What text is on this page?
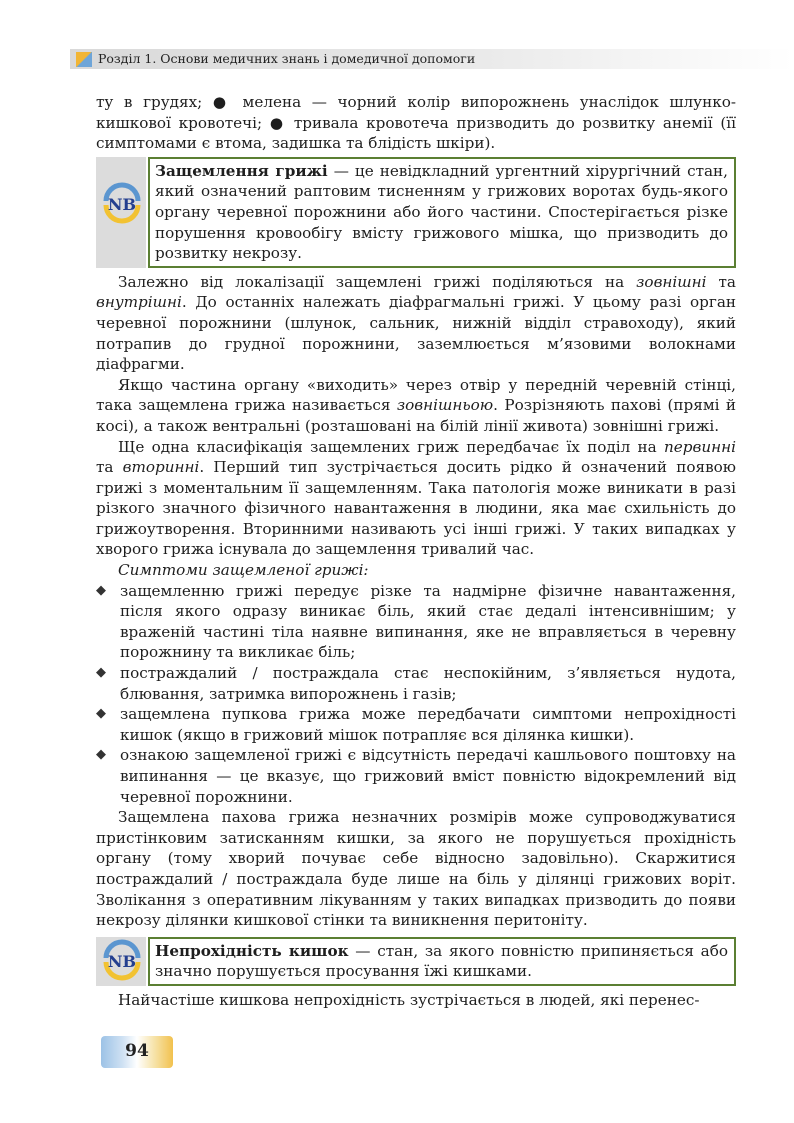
Розділ 1. Основи медичних знань і домедичної допомоги

ту в грудях; ● мелена — чорний колір випорожнень унаслідок шлунко-кишкової кровотечі; ● тривала кровотеча призводить до розвитку анемії (її симптомами є втома, задишка та блідість шкіри).

NB

Защемлення грижі — це невідкладний ургентний хірургічний стан, який означений раптовим тисненням у грижових воротах будь-якого органу черевної порожнини або його частини. Спостерігається різке порушення кровообігу вмісту грижового мішка, що призводить до розвитку некрозу.

Залежно від локалізації защемлені грижі поділяються на зовнішні та внутрішні. До останніх належать діафрагмальні грижі. У цьому разі орган черевної порожнини (шлунок, сальник, нижній відділ стравоходу), який потрапив до грудної порожнини, заземлюється м’язовими волокнами діафрагми.

Якщо частина органу «виходить» через отвір у передній черевній стінці, така защемлена грижа називається зовнішньою. Розрізняють пахові (прямі й косі), а також вентральні (розташовані на білій лінії живота) зовнішні грижі.

Ще одна класифікація защемлених гриж передбачає їх поділ на первинні та вторинні. Перший тип зустрічається досить рідко й означений появою грижі з моментальним її защемленням. Така патологія може виникати в разі різкого значного фізичного навантаження в людини, яка має схильність до грижоутворення. Вторинними називають усі інші грижі. У таких випадках у хворого грижа існувала до защемлення тривалий час.

Симптоми защемленої грижі:
◆ защемленню грижі передує різке та надмірне фізичне навантаження, після якого одразу виникає біль, який стає дедалі інтенсивнішим; у враженій частині тіла наявне випинання, яке не вправляється в черевну порожнину та викликає біль;
◆ постраждалий / постраждала стає неспокійним, з’являється нудота, блювання, затримка випорожнень і газів;
◆ защемлена пупкова грижа може передбачати симптоми непрохідності кишок (якщо в грижовий мішок потрапляє вся ділянка кишки).
◆ ознакою защемленої грижі є відсутність передачі кашльового поштовху на випинання — це вказує, що грижовий вміст повністю відокремлений від черевної порожнини.

Защемлена пахова грижа незначних розмірів може супроводжуватися пристінковим затисканням кишки, за якого не порушується прохідність органу (тому хворий почуває себе відносно задовільно). Скаржитися постраждалий / постраждала буде лише на біль у ділянці грижових воріт. Зволікання з оперативним лікуванням у таких випадках призводить до появи некрозу ділянки кишкової стінки та виникнення перитоніту.

NB

Непрохідність кишок — стан, за якого повністю припиняється або значно порушується просування їжі кишками.

Найчастіше кишкова непрохідність зустрічається в людей, які перенес-

94
